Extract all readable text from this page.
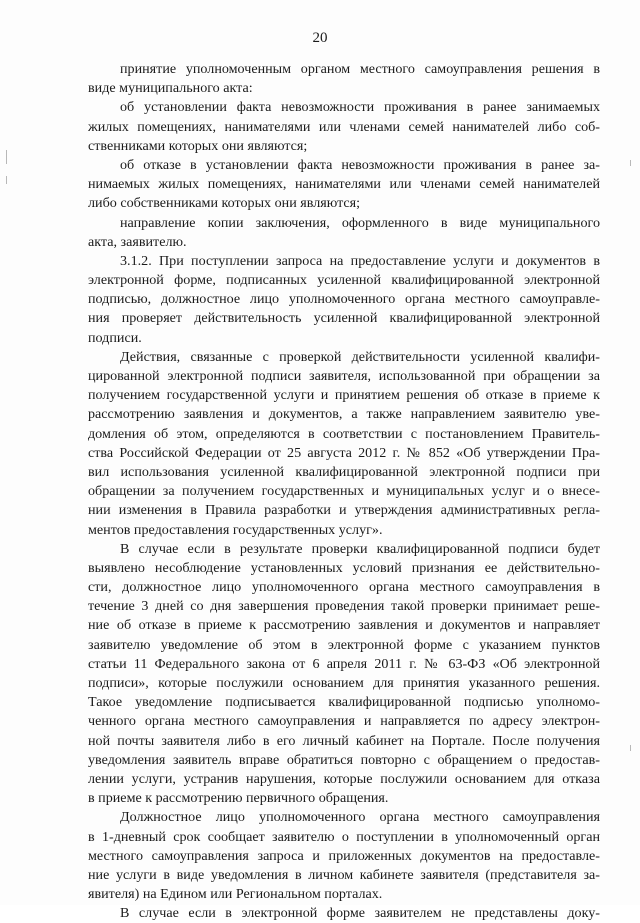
20
принятие уполномоченным органом местного самоуправления решения в
виде муниципального акта:
об установлении факта невозможности проживания в ранее занимаемых
жилых помещениях, нанимателями или членами семей нанимателей либо соб-
ственниками которых они являются;
об отказе в установлении факта невозможности проживания в ранее за-
нимаемых жилых помещениях, нанимателями или членами семей нанимателей
либо собственниками которых они являются;
направление копии заключения, оформленного в виде муниципального
акта, заявителю.
3.1.2. При поступлении запроса на предоставление услуги и документов в
электронной форме, подписанных усиленной квалифицированной электронной
подписью, должностное лицо уполномоченного органа местного самоуправле-
ния проверяет действительность усиленной квалифицированной электронной
подписи.
Действия, связанные с проверкой действительности усиленной квалифи-
цированной электронной подписи заявителя, использованной при обращении за
получением государственной услуги и принятием решения об отказе в приеме к
рассмотрению заявления и документов, а также направлением заявителю уве-
домления об этом, определяются в соответствии с постановлением Правитель-
ства Российской Федерации от 25 августа 2012 г. № 852 «Об утверждении Пра-
вил использования усиленной квалифицированной электронной подписи при
обращении за получением государственных и муниципальных услуг и о внесе-
нии изменения в Правила разработки и утверждения административных регла-
ментов предоставления государственных услуг».
В случае если в результате проверки квалифицированной подписи будет
выявлено несоблюдение установленных условий признания ее действительно-
сти, должностное лицо уполномоченного органа местного самоуправления в
течение 3 дней со дня завершения проведения такой проверки принимает реше-
ние об отказе в приеме к рассмотрению заявления и документов и направляет
заявителю уведомление об этом в электронной форме с указанием пунктов
статьи 11 Федерального закона от 6 апреля 2011 г. № 63-ФЗ «Об электронной
подписи», которые послужили основанием для принятия указанного решения.
Такое уведомление подписывается квалифицированной подписью уполномо-
ченного органа местного самоуправления и направляется по адресу электрон-
ной почты заявителя либо в его личный кабинет на Портале. После получения
уведомления заявитель вправе обратиться повторно с обращением о предостав-
лении услуги, устранив нарушения, которые послужили основанием для отказа
в приеме к рассмотрению первичного обращения.
Должностное лицо уполномоченного органа местного самоуправления
в 1-дневный срок сообщает заявителю о поступлении в уполномоченный орган
местного самоуправления запроса и приложенных документов на предоставле-
ние услуги в виде уведомления в личном кабинете заявителя (представителя за-
явителя) на Едином или Региональном порталах.
В случае если в электронной форме заявителем не представлены доку-
